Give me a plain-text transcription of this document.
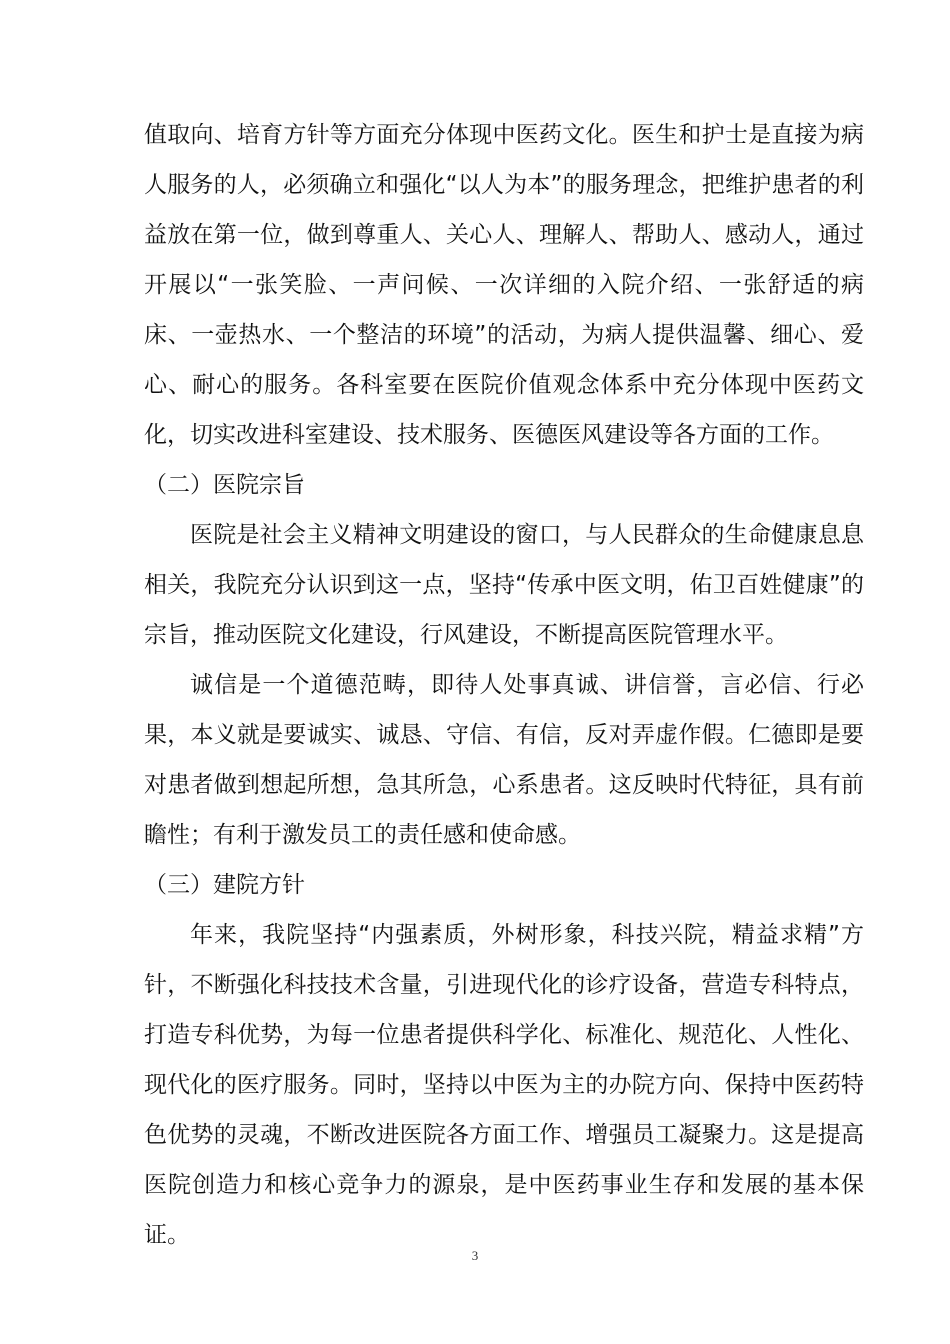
值取向、培育方针等方面充分体现中医药文化。医生和护士是直接为病人服务的人，必须确立和强化“以人为本”的服务理念，把维护患者的利益放在第一位，做到尊重人、关心人、理解人、帮助人、感动人，通过开展以“一张笑脸、一声问候、一次详细的入院介绍、一张舒适的病床、一壶热水、一个整洁的环境”的活动，为病人提供温馨、细心、爱心、耐心的服务。各科室要在医院价值观念体系中充分体现中医药文化，切实改进科室建设、技术服务、医德医风建设等各方面的工作。

（二）医院宗旨

医院是社会主义精神文明建设的窗口，与人民群众的生命健康息息相关，我院充分认识到这一点，坚持“传承中医文明，佑卫百姓健康”的宗旨，推动医院文化建设，行风建设，不断提高医院管理水平。

诚信是一个道德范畴，即待人处事真诚、讲信誉，言必信、行必果，本义就是要诚实、诚恳、守信、有信，反对弄虚作假。仁德即是要对患者做到想起所想，急其所急，心系患者。这反映时代特征，具有前瞻性；有利于激发员工的责任感和使命感。

（三）建院方针

年来，我院坚持“内强素质，外树形象，科技兴院，精益求精”方针，不断强化科技技术含量，引进现代化的诊疗设备，营造专科特点，打造专科优势，为每一位患者提供科学化、标准化、规范化、人性化、现代化的医疗服务。同时，坚持以中医为主的办院方向、保持中医药特色优势的灵魂，不断改进医院各方面工作、增强员工凝聚力。这是提高医院创造力和核心竞争力的源泉，是中医药事业生存和发展的基本保证。

3
